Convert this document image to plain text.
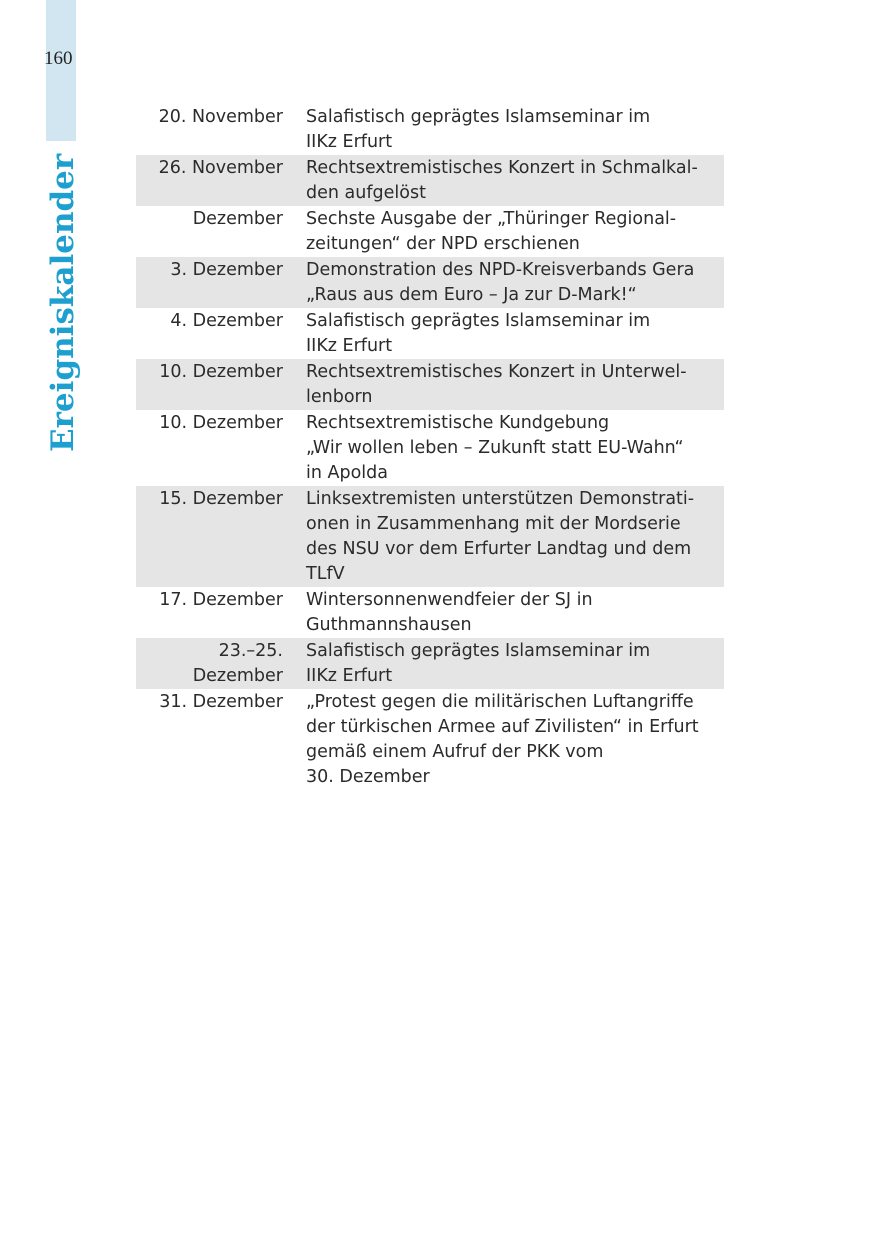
160
Ereigniskalender
20. November Salafistisch geprägtes Islamseminar im
IIKz Erfurt
26. November Rechtsextremistisches Konzert in Schmalkal-
den aufgelöst
Dezember Sechste Ausgabe der „Thüringer Regional-
zeitungen“ der NPD erschienen
3. Dezember Demonstration des NPD-Kreisverbands Gera
„Raus aus dem Euro – Ja zur D-Mark!“
4. Dezember Salafistisch geprägtes Islamseminar im
IIKz Erfurt
10. Dezember Rechtsextremistisches Konzert in Unterwel-
lenborn
10. Dezember Rechtsextremistische Kundgebung
„Wir wollen leben – Zukunft statt EU-Wahn“
in Apolda
15. Dezember Linksextremisten unterstützen Demonstrati-
onen in Zusammenhang mit der Mordserie
des NSU vor dem Erfurter Landtag und dem
TLfV
17. Dezember Wintersonnenwendfeier der SJ in
Guthmannshausen
23.–25.
Dezember
Salafistisch geprägtes Islamseminar im
IIKz Erfurt
31. Dezember „Protest gegen die militärischen Luftangriffe
der türkischen Armee auf Zivilisten“ in Erfurt
gemäß einem Aufruf der PKK vom
30. Dezember
